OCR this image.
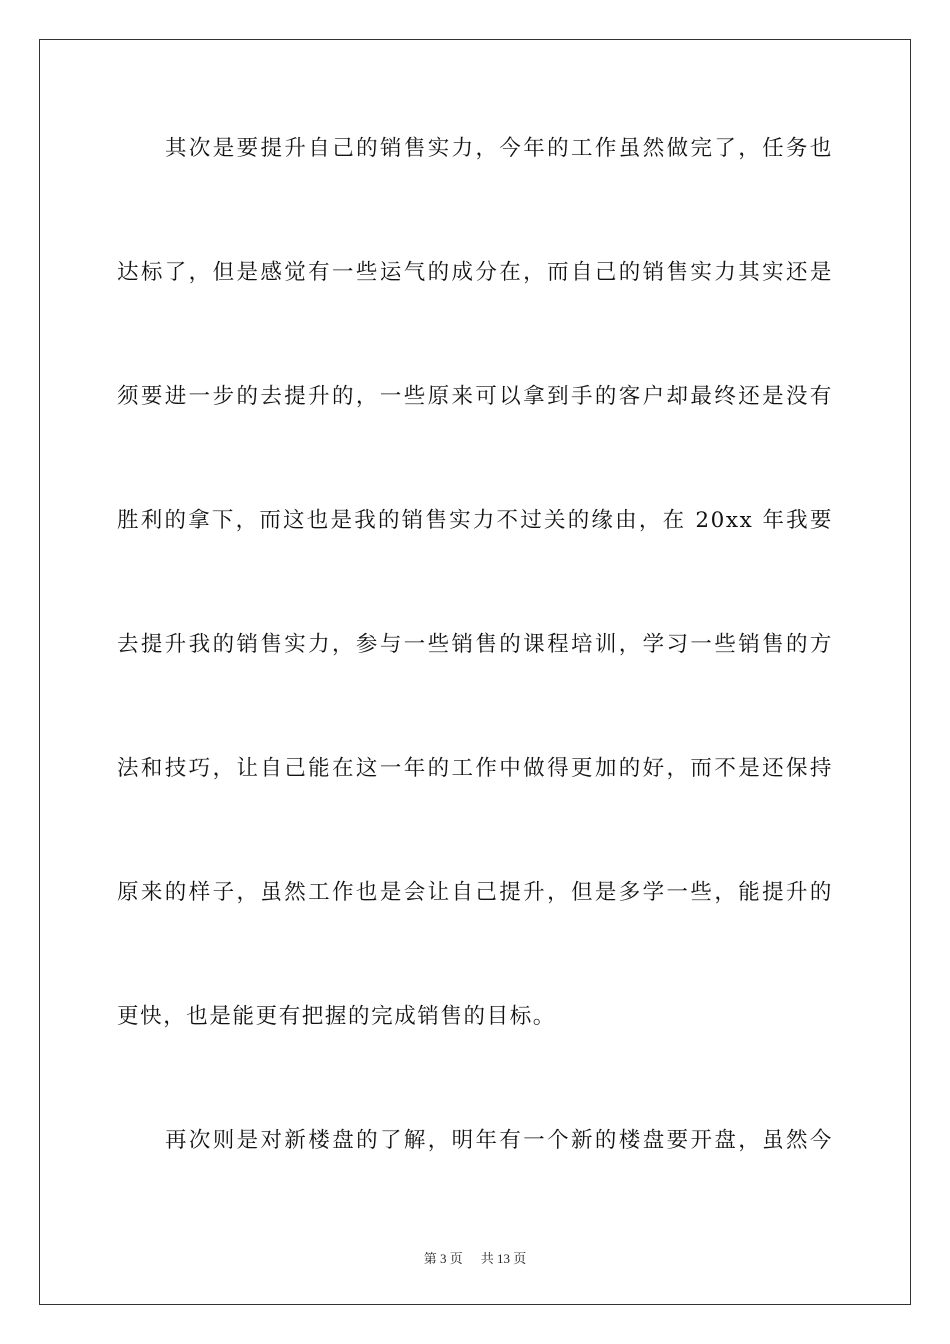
其次是要提升自己的销售实力，今年的工作虽然做完了，任务也
达标了，但是感觉有一些运气的成分在，而自己的销售实力其实还是
须要进一步的去提升的，一些原来可以拿到手的客户却最终还是没有
胜利的拿下，而这也是我的销售实力不过关的缘由，在 20xx 年我要
去提升我的销售实力，参与一些销售的课程培训，学习一些销售的方
法和技巧，让自己能在这一年的工作中做得更加的好，而不是还保持
原来的样子，虽然工作也是会让自己提升，但是多学一些，能提升的
更快，也是能更有把握的完成销售的目标。
再次则是对新楼盘的了解，明年有一个新的楼盘要开盘，虽然今
第 3 页 共 13 页
